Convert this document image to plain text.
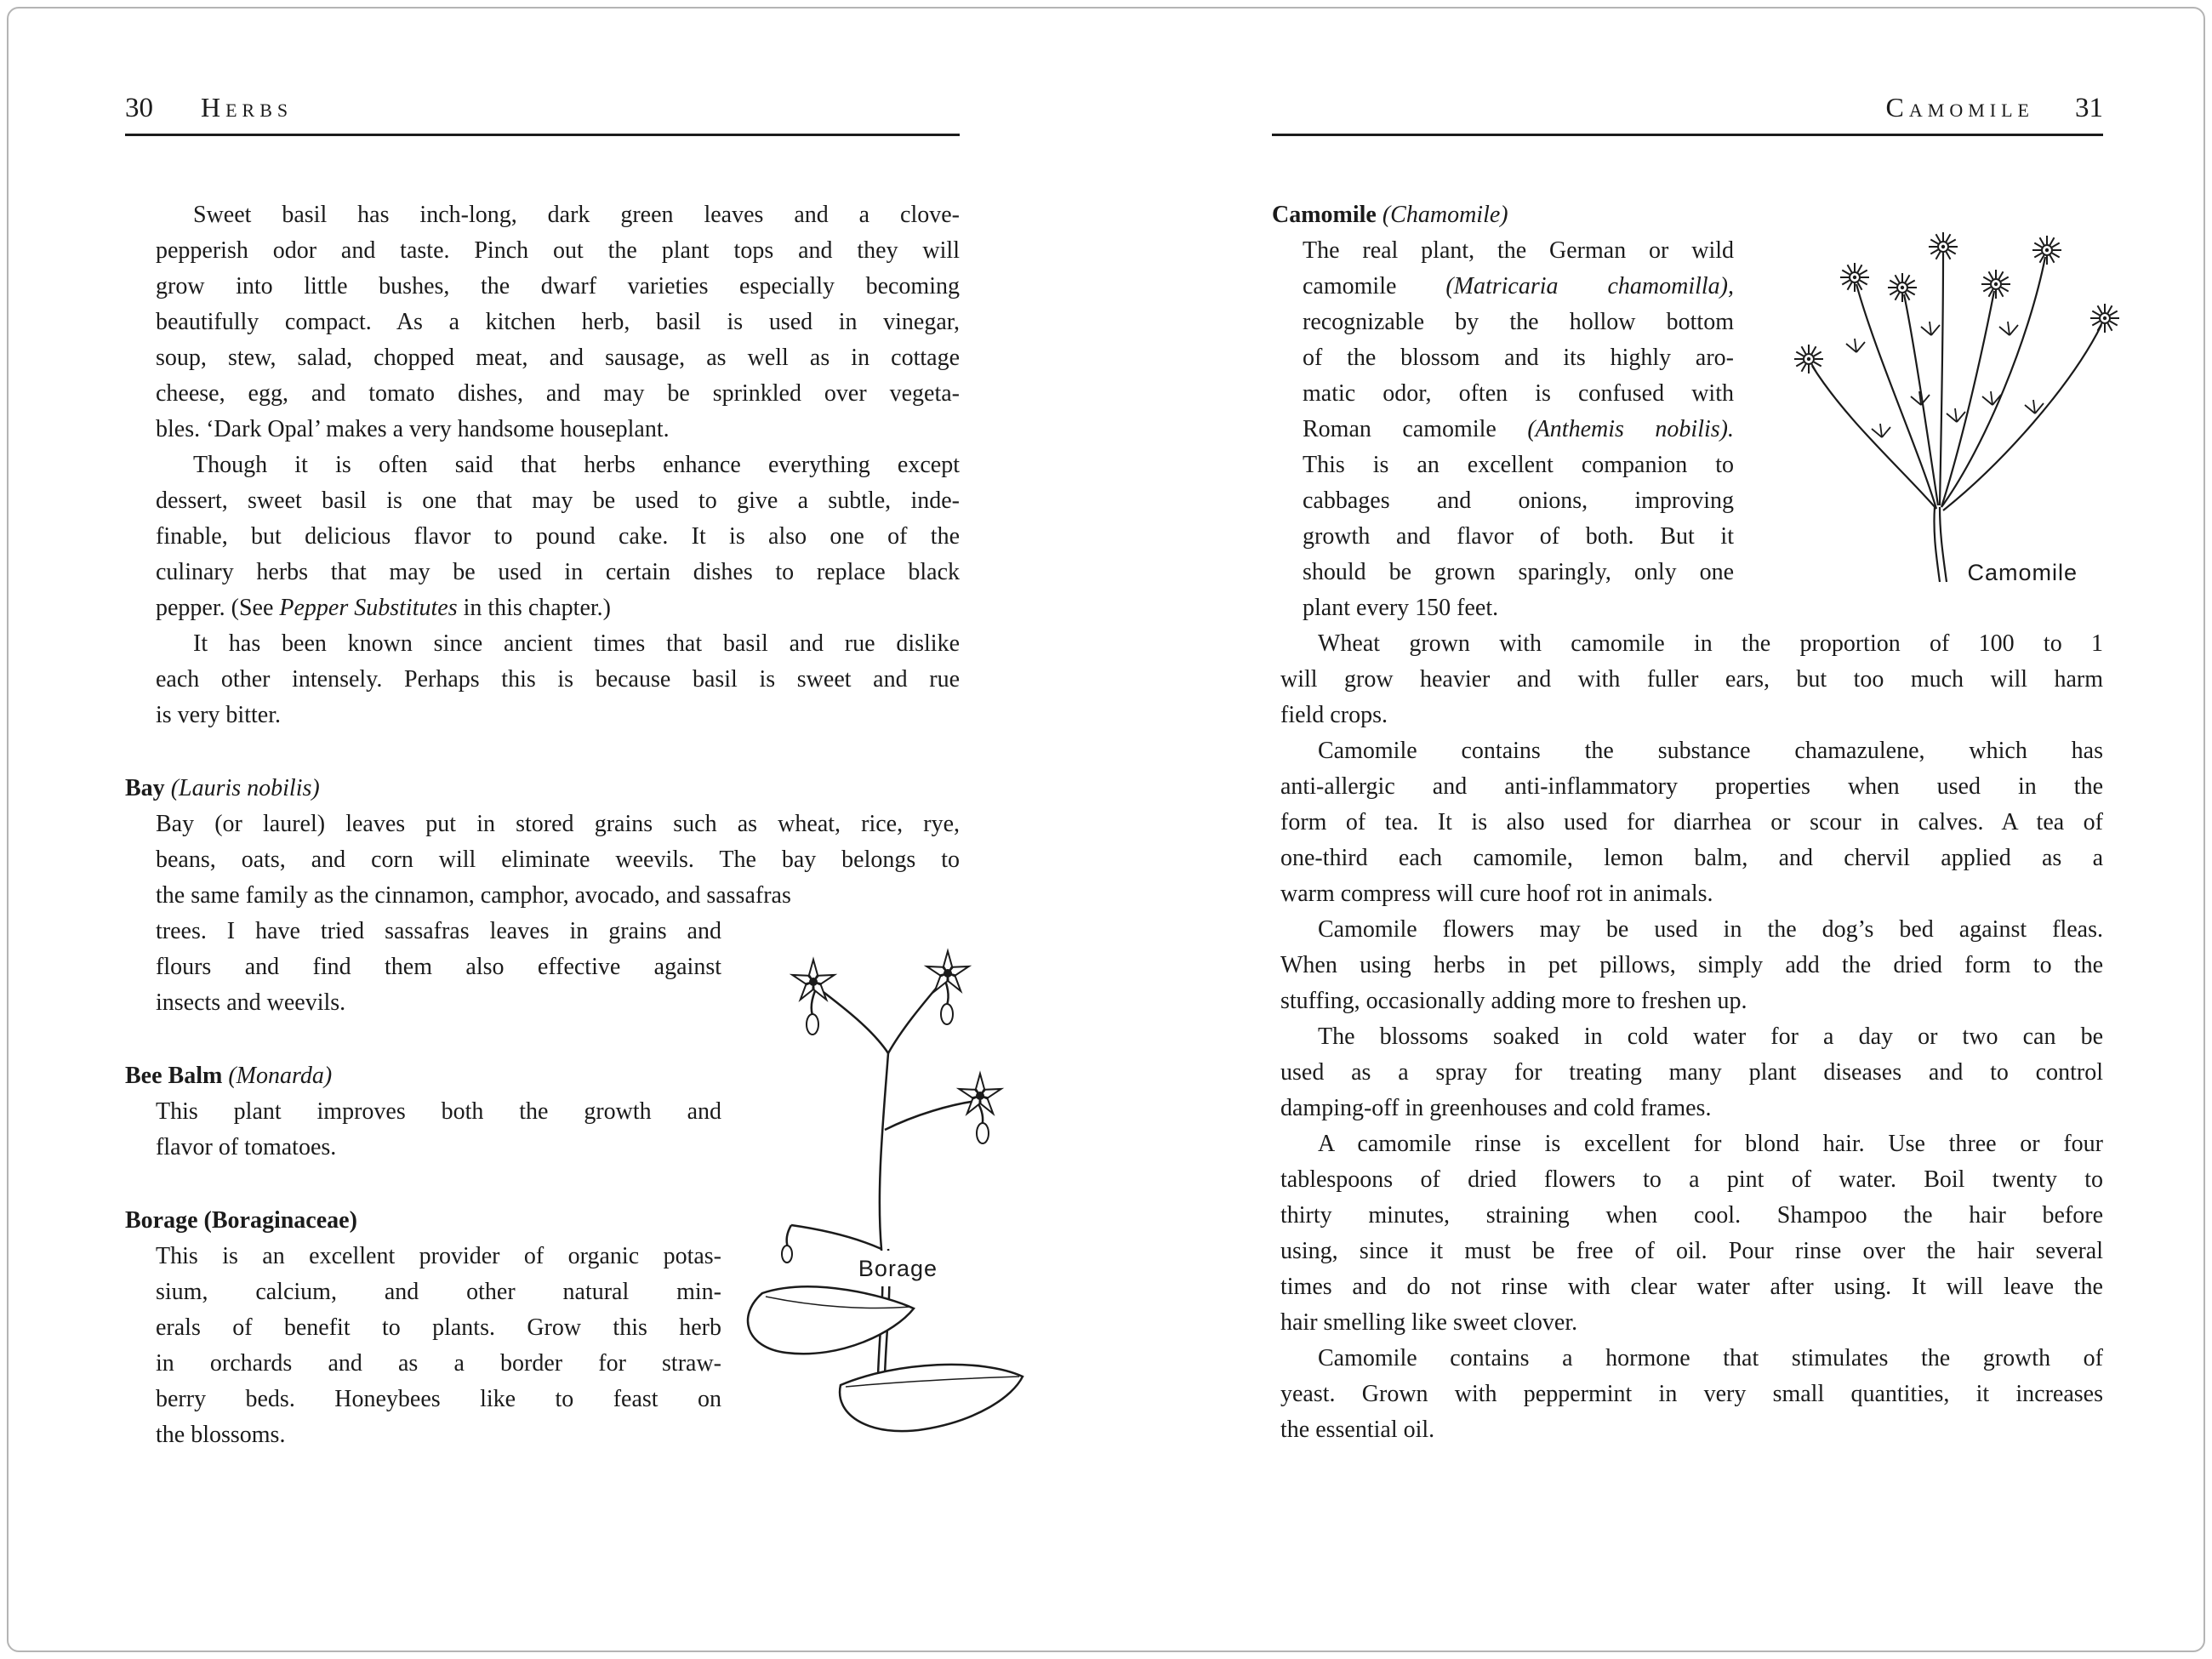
30 Herbs
Sweet basil has inch-long, dark green leaves and a clove-
pepperish odor and taste. Pinch out the plant tops and they will
grow into little bushes, the dwarf varieties especially becoming
beautifully compact. As a kitchen herb, basil is used in vinegar,
soup, stew, salad, chopped meat, and sausage, as well as in cottage
cheese, egg, and tomato dishes, and may be sprinkled over vegeta-
bles. ‘Dark Opal’ makes a very handsome houseplant.
Though it is often said that herbs enhance everything except
dessert, sweet basil is one that may be used to give a subtle, inde-
finable, but delicious flavor to pound cake. It is also one of the
culinary herbs that may be used in certain dishes to replace black
pepper. (See Pepper Substitutes in this chapter.)
It has been known since ancient times that basil and rue dislike
each other intensely. Perhaps this is because basil is sweet and rue
is very bitter.
Bay (Lauris nobilis)
Bay (or laurel) leaves put in stored grains such as wheat, rice, rye,
beans, oats, and corn will eliminate weevils. The bay belongs to
the same family as the cinnamon, camphor, avocado, and sassafras
Borage
trees. I have tried sassafras leaves in grains and
flours and find them also effective against
insects and weevils.
Bee Balm (Monarda)
This plant improves both the growth and
flavor of tomatoes.
Borage (Boraginaceae)
This is an excellent provider of organic potas-
sium, calcium, and other natural min-
erals of benefit to plants. Grow this herb
in orchards and as a border for straw-
berry beds. Honeybees like to feast on
the blossoms.
Camomile 31
Camomile
Camomile (Chamomile)
The real plant, the German or wild
camomile (Matricaria chamomilla),
recognizable by the hollow bottom
of the blossom and its highly aro-
matic odor, often is confused with
Roman camomile (Anthemis nobilis).
This is an excellent companion to
cabbages and onions, improving
growth and flavor of both. But it
should be grown sparingly, only one
plant every 150 feet.
Wheat grown with camomile in the proportion of 100 to 1
will grow heavier and with fuller ears, but too much will harm
field crops.
Camomile contains the substance chamazulene, which has
anti-allergic and anti-inflammatory properties when used in the
form of tea. It is also used for diarrhea or scour in calves. A tea of
one-third each camomile, lemon balm, and chervil applied as a
warm compress will cure hoof rot in animals.
Camomile flowers may be used in the dog’s bed against fleas.
When using herbs in pet pillows, simply add the dried form to the
stuffing, occasionally adding more to freshen up.
The blossoms soaked in cold water for a day or two can be
used as a spray for treating many plant diseases and to control
damping-off in greenhouses and cold frames.
A camomile rinse is excellent for blond hair. Use three or four
tablespoons of dried flowers to a pint of water. Boil twenty to
thirty minutes, straining when cool. Shampoo the hair before
using, since it must be free of oil. Pour rinse over the hair several
times and do not rinse with clear water after using. It will leave the
hair smelling like sweet clover.
Camomile contains a hormone that stimulates the growth of
yeast. Grown with peppermint in very small quantities, it increases
the essential oil.
